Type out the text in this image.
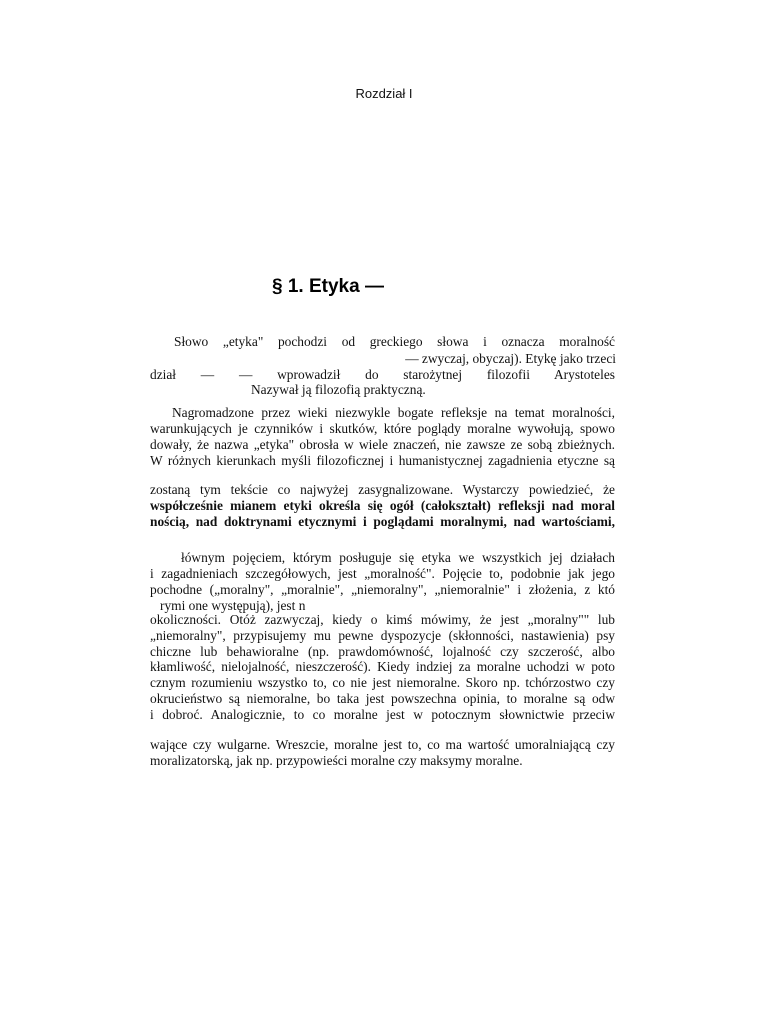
Rozdział I
§ 1. Etyka —
Słowo „etyka" pochodzi od greckiego słowa i oznacza moralność
— zwyczaj, obyczaj). Etykę jako trzeci
dział — — wprowadził do starożytnej filozofii Arystoteles
Nazywał ją filozofią praktyczną.
Nagromadzone przez wieki niezwykle bogate refleksje na temat moralności,
warunkujących je czynników i skutków, które poglądy moralne wywołują, spowo
dowały, że nazwa „etyka" obrosła w wiele znaczeń, nie zawsze ze sobą zbieżnych.
W różnych kierunkach myśli filozoficznej i humanistycznej zagadnienia etyczne są
zostaną tym tekście co najwyżej zasygnalizowane. Wystarczy powiedzieć, że
współcześnie mianem etyki określa się ogół (całokształt) refleksji nad moral
nością, nad doktrynami etycznymi i poglądami moralnymi, nad wartościami,
łównym pojęciem, którym posługuje się etyka we wszystkich jej działach
i zagadnieniach szczegółowych, jest „moralność". Pojęcie to, podobnie jak jego
pochodne („moralny", „moralnie", „niemoralny", „niemoralnie" i złożenia, z któ
rymi one występują), jest n
okoliczności. Otóż zazwyczaj, kiedy o kimś mówimy, że jest „moralny"" lub
„niemoralny", przypisujemy mu pewne dyspozycje (skłonności, nastawienia) psy
chiczne lub behawioralne (np. prawdomówność, lojalność czy szczerość, albo
kłamliwość, nielojalność, nieszczerość). Kiedy indziej za moralne uchodzi w poto
cznym rozumieniu wszystko to, co nie jest niemoralne. Skoro np. tchórzostwo czy
okrucieństwo są niemoralne, bo taka jest powszechna opinia, to moralne są odw
i dobroć. Analogicznie, to co moralne jest w potocznym słownictwie przeciw
wające czy wulgarne. Wreszcie, moralne jest to, co ma wartość umoralniającą czy
moralizatorską, jak np. przypowieści moralne czy maksymy moralne.
